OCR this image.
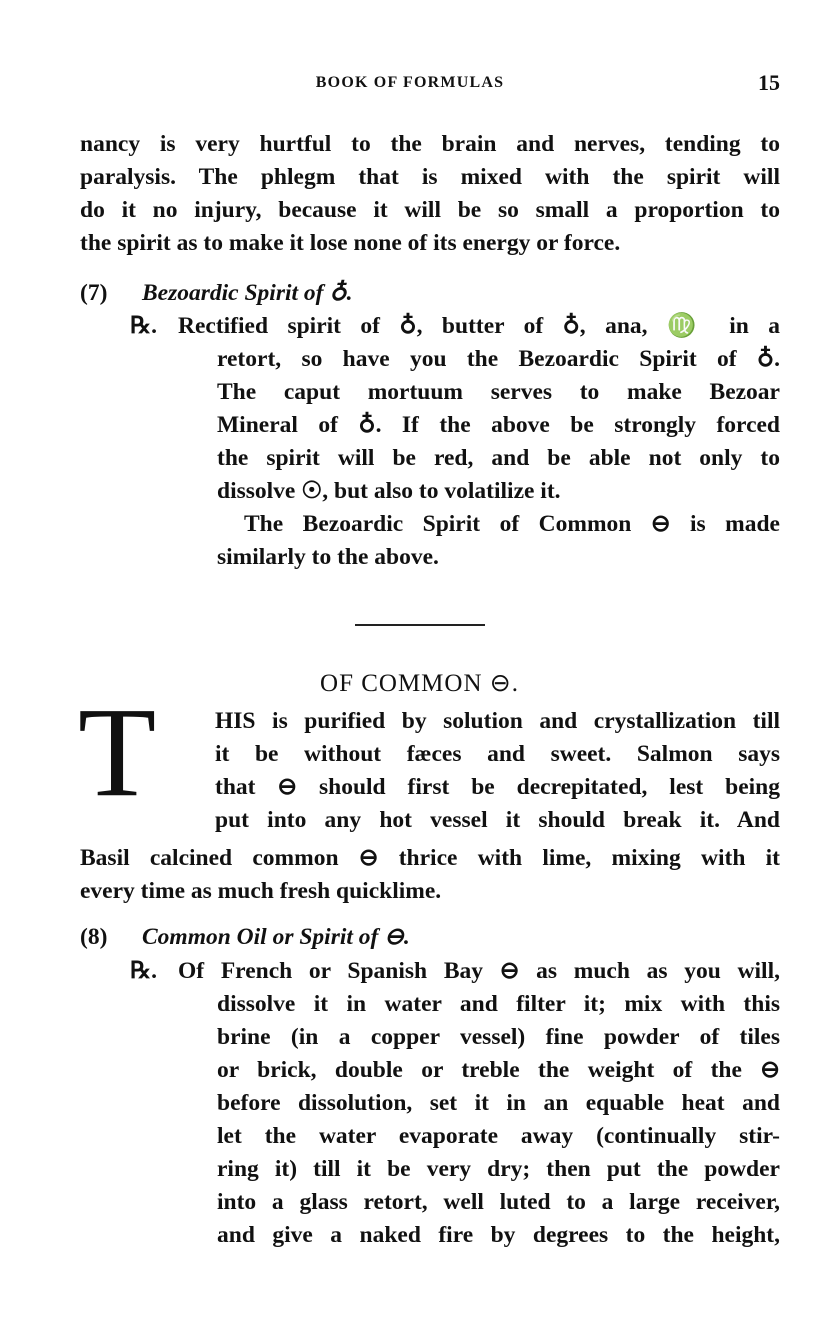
BOOK OF FORMULAS	15
nancy is very hurtful to the brain and nerves, tending to
paralysis. The phlegm that is mixed with the spirit will
do it no injury, because it will be so small a proportion to
the spirit as to make it lose none of its energy or force.
(7) Bezoardic Spirit of ♁.
℞. Rectified spirit of ♁, butter of ♁, ana, ♍ in a
retort, so have you the Bezoardic Spirit of ♁.
The caput mortuum serves to make Bezoar
Mineral of ♁. If the above be strongly forced
the spirit will be red, and be able not only to
dissolve ☉, but also to volatilize it.
The Bezoardic Spirit of Common ⊖ is made
similarly to the above.
OF COMMON ⊖.
T	HIS is purified by solution and crystallization till
it be without fæces and sweet. Salmon says
that ⊖ should first be decrepitated, lest being
put into any hot vessel it should break it. And
Basil calcined common ⊖ thrice with lime, mixing with it
every time as much fresh quicklime.
(8) Common Oil or Spirit of ⊖.
℞. Of French or Spanish Bay ⊖ as much as you will,
dissolve it in water and filter it; mix with this
brine (in a copper vessel) fine powder of tiles
or brick, double or treble the weight of the ⊖
before dissolution, set it in an equable heat and
let the water evaporate away (continually stir-
ring it) till it be very dry; then put the powder
into a glass retort, well luted to a large receiver,
and give a naked fire by degrees to the height,
